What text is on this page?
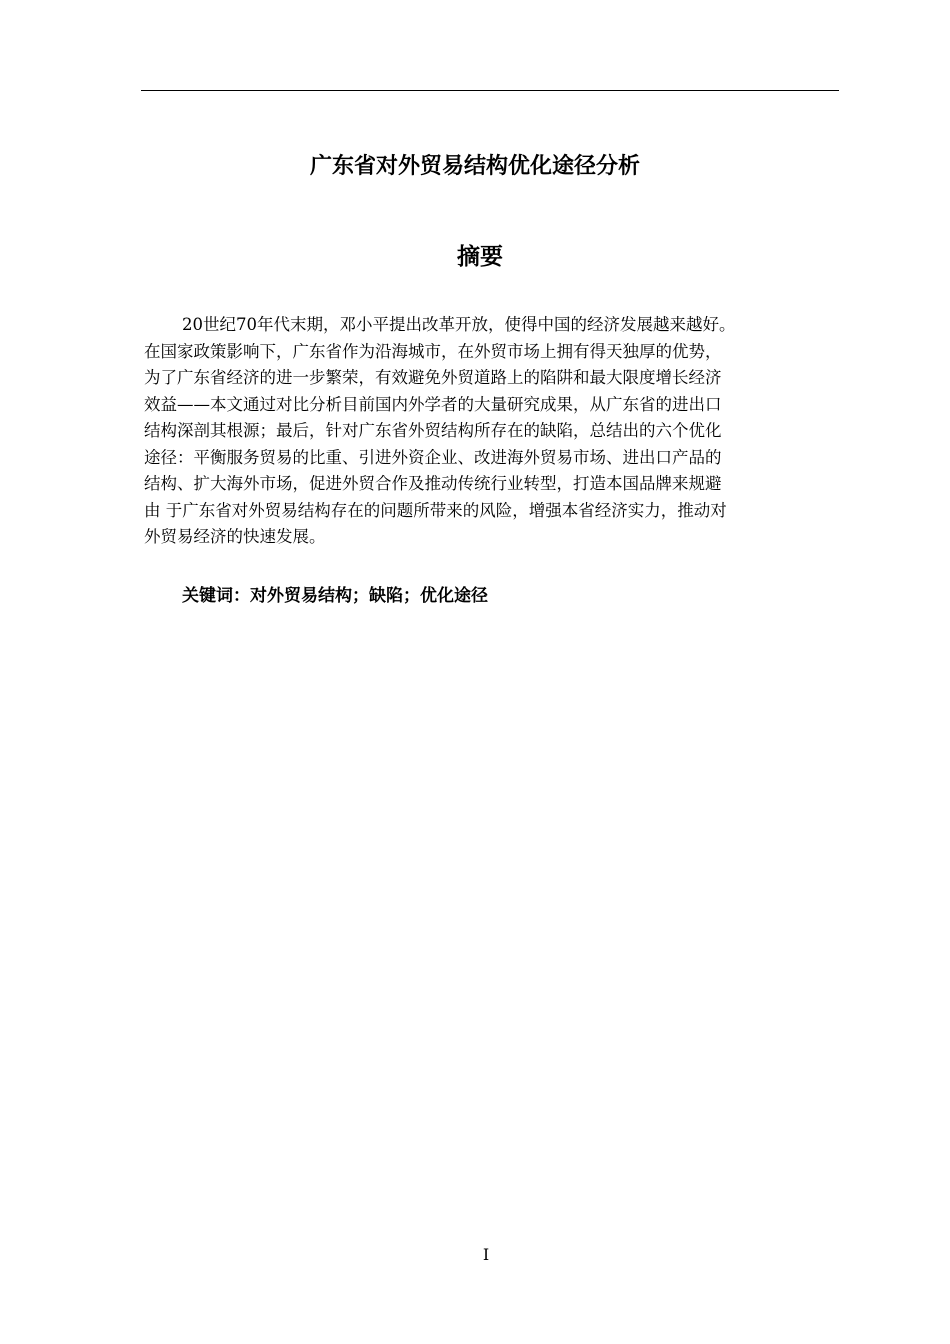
广东省对外贸易结构优化途径分析
摘要

20世纪70年代末期，邓小平提出改革开放，使得中国的经济发展越来越好。
在国家政策影响下，广东省作为沿海城市，在外贸市场上拥有得天独厚的优势，
为了广东省经济的进一步繁荣，有效避免外贸道路上的陷阱和最大限度增长经济
效益——本文通过对比分析目前国内外学者的大量研究成果，从广东省的进出口
结构深剖其根源；最后，针对广东省外贸结构所存在的缺陷，总结出的六个优化
途径：平衡服务贸易的比重、引进外资企业、改进海外贸易市场、进出口产品的
结构、扩大海外市场，促进外贸合作及推动传统行业转型，打造本国品牌来规避
由 于广东省对外贸易结构存在的问题所带来的风险，增强本省经济实力，推动对
外贸易经济的快速发展。

关键词：对外贸易结构；缺陷；优化途径

I
